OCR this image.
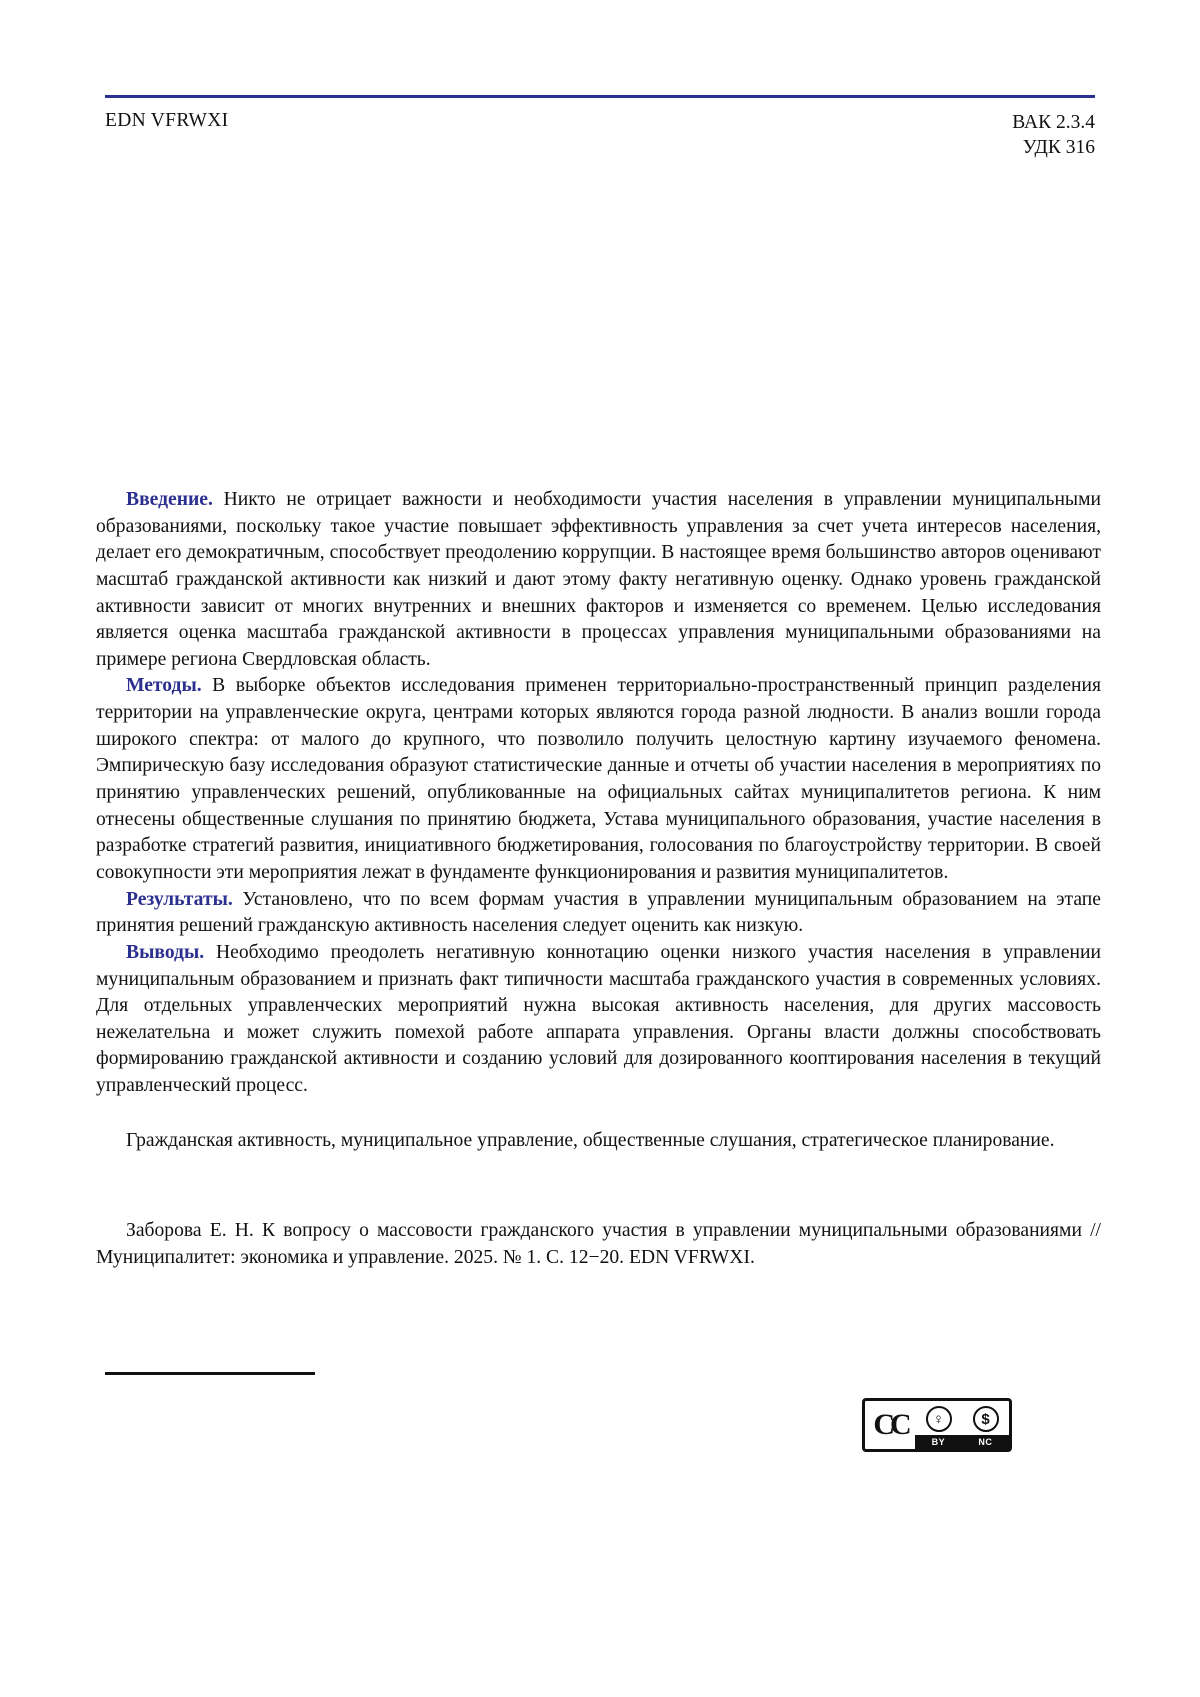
EDN VFRWXI	ВАК 2.3.4
УДК 316

Введение. Никто не отрицает важности и необходимости участия населения в управлении муниципальными образованиями, поскольку такое участие повышает эффективность управления за счет учета интересов населения, делает его демократичным, способствует преодолению коррупции. В настоящее время большинство авторов оценивают масштаб гражданской активности как низкий и дают этому факту негативную оценку. Однако уровень гражданской активности зависит от многих внутренних и внешних факторов и изменяется со временем. Целью исследования является оценка масштаба гражданской активности в процессах управления муниципальными образованиями на примере региона Свердловская область.

Методы. В выборке объектов исследования применен территориально-пространственный принцип разделения территории на управленческие округа, центрами которых являются города разной людности. В анализ вошли города широкого спектра: от малого до крупного, что позволило получить целостную картину изучаемого феномена. Эмпирическую базу исследования образуют статистические данные и отчеты об участии населения в мероприятиях по принятию управленческих решений, опубликованные на официальных сайтах муниципалитетов региона. К ним отнесены общественные слушания по принятию бюджета, Устава муниципального образования, участие населения в разработке стратегий развития, инициативного бюджетирования, голосования по благоустройству территории. В своей совокупности эти мероприятия лежат в фундаменте функционирования и развития муниципалитетов.

Результаты. Установлено, что по всем формам участия в управлении муниципальным образованием на этапе принятия решений гражданскую активность населения следует оценить как низкую.

Выводы. Необходимо преодолеть негативную коннотацию оценки низкого участия населения в управлении муниципальным образованием и признать факт типичности масштаба гражданского участия в современных условиях. Для отдельных управленческих мероприятий нужна высокая активность населения, для других массовость нежелательна и может служить помехой работе аппарата управления. Органы власти должны способствовать формированию гражданской активности и созданию условий для дозированного кооптирования населения в текущий управленческий процесс.

Гражданская активность, муниципальное управление, общественные слушания, стратегическое планирование.

Заборова Е. Н. К вопросу о массовости гражданского участия в управлении муниципальными образованиями // Муниципалитет: экономика и управление. 2025. № 1. С. 12−20. EDN VFRWXI.

CC	♀	$
BY	NC
